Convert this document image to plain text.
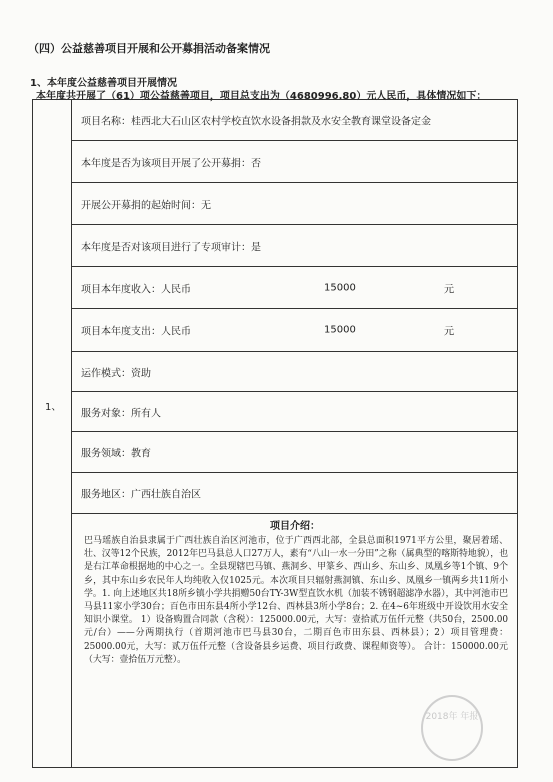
（四）公益慈善项目开展和公开募捐活动备案情况
1、本年度公益慈善项目开展情况
本年度共开展了（61）项公益慈善项目，项目总支出为（4680996.80）元人民币，具体情况如下：
1、
项目名称：桂西北大石山区农村学校直饮水设备捐款及水安全教育课堂设备定金
本年度是否为该项目开展了公开募捐：否
开展公开募捐的起始时间：无
本年度是否对该项目进行了专项审计：是
项目本年度收入：人民币	15000	元
项目本年度支出：人民币	15000	元
运作模式：资助
服务对象：所有人
服务领域：教育
服务地区：广西壮族自治区
项目介绍：
巴马瑶族自治县隶属于广西壮族自治区河池市，位于广西西北部，全县总面积1971平方公里，聚居着瑶、壮、汉等12个民族，2012年巴马县总人口27万人，素有“八山一水一分田”之称（属典型的喀斯特地貌），也是右江革命根据地的中心之一。全县现辖巴马镇、燕洞乡、甲篆乡、西山乡、东山乡、凤凰乡等1个镇、9个乡，其中东山乡农民年人均纯收入仅1025元。本次项目只辐射燕洞镇、东山乡、凤凰乡一镇两乡共11所小学。1. 向上述地区共18所乡镇小学共捐赠50台TY-3W型直饮水机（加装不锈钢超滤净水器），其中河池市巴马县11家小学30台；百色市田东县4所小学12台、西林县3所小学8台；2. 在4~6年班级中开设饮用水安全知识小课堂。 1）设备购置合同款（含税）：125000.00元，大写：壹拾贰万伍仟元整（共50台，2500.00元/台）——分两期执行（首期河池市巴马县30台，二期百色市田东县、西林县）；2）项目管理费：25000.00元，大写：贰万伍仟元整（含设备县乡运费、项目行政费、课程师资等）。 合计：150000.00元（大写：壹拾伍万元整）。
2018年 年报
